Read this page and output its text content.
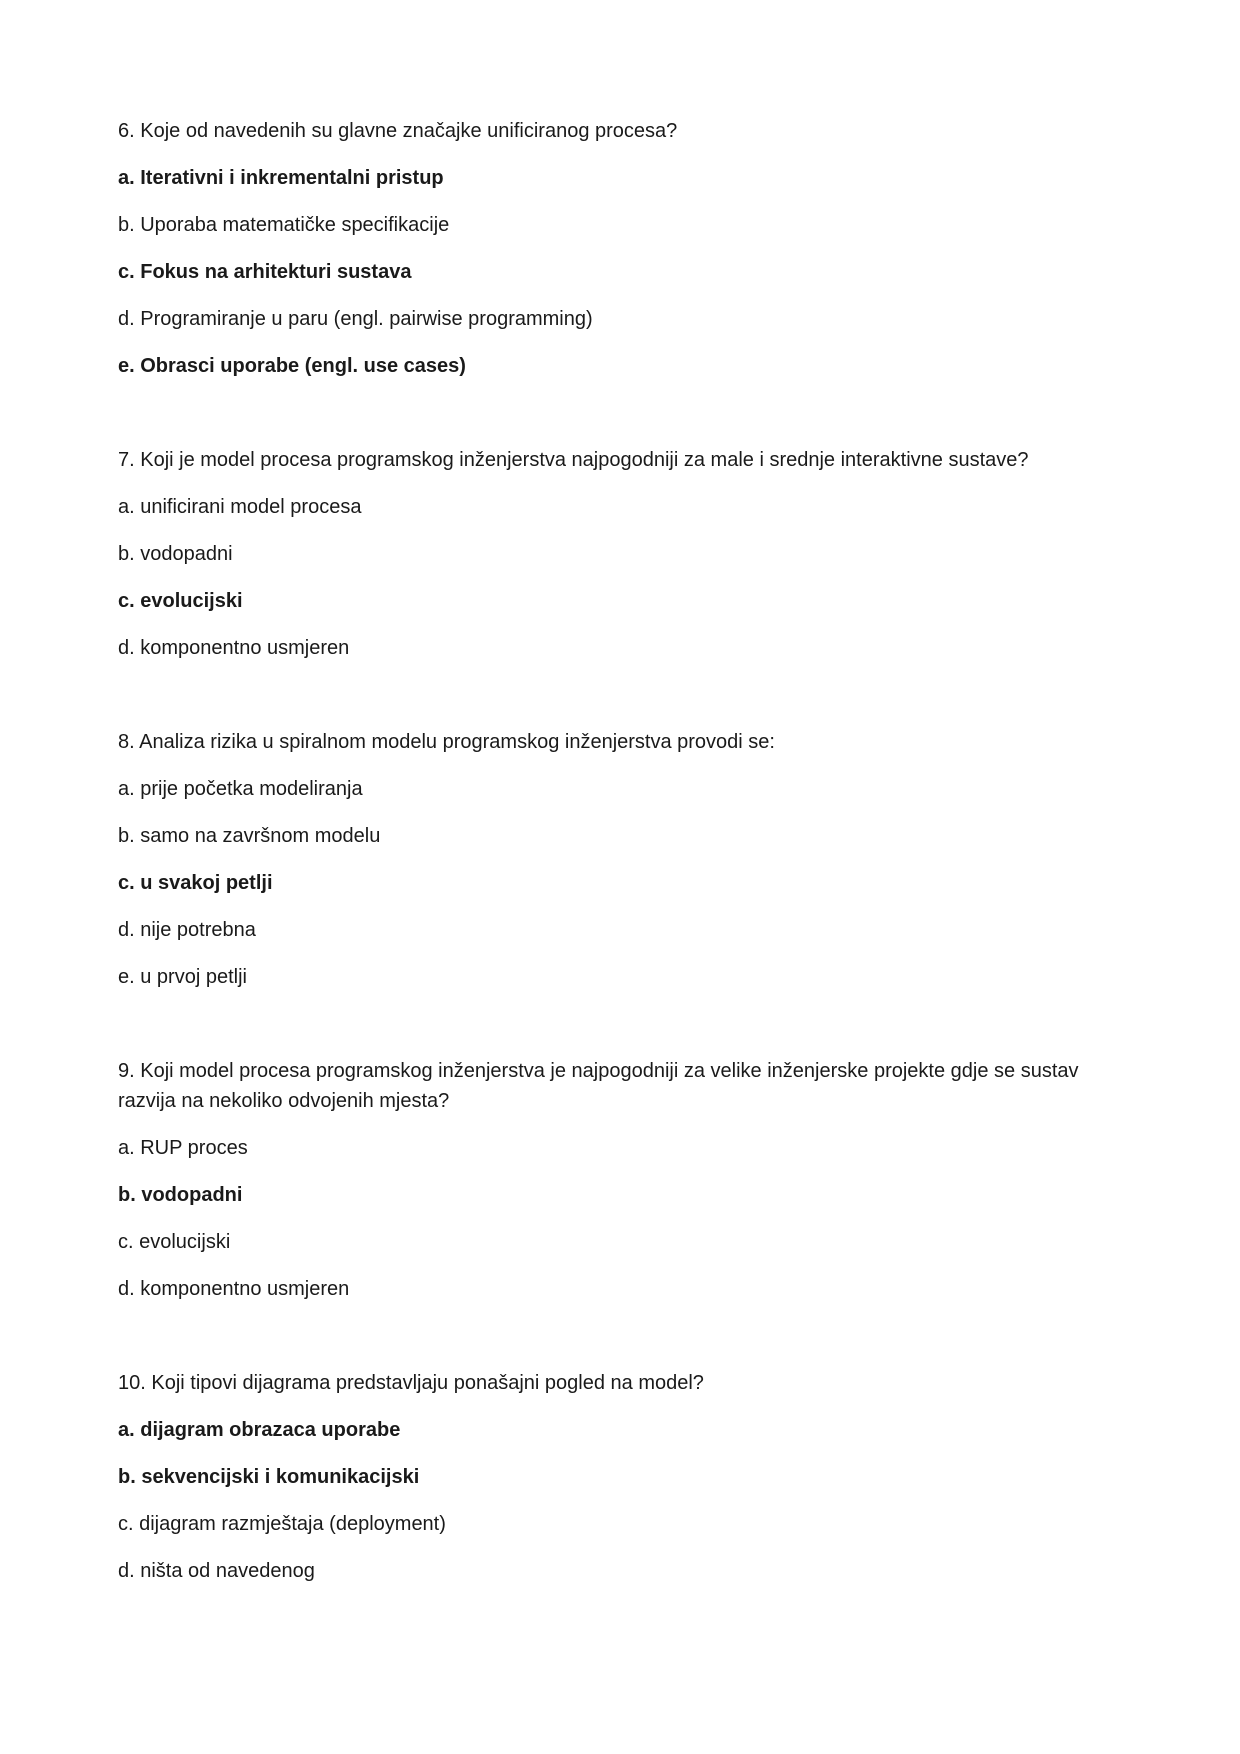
6. Koje od navedenih su glavne značajke unificiranog procesa?
a. Iterativni i inkrementalni pristup
b. Uporaba matematičke specifikacije
c. Fokus na arhitekturi sustava
d. Programiranje u paru (engl. pairwise programming)
e. Obrasci uporabe (engl. use cases)
7. Koji je model procesa programskog inženjerstva najpogodniji za male i srednje interaktivne sustave?
a. unificirani model procesa
b. vodopadni
c. evolucijski
d. komponentno usmjeren
8. Analiza rizika u spiralnom modelu programskog inženjerstva provodi se:
a. prije početka modeliranja
b. samo na završnom modelu
c. u svakoj petlji
d. nije potrebna
e. u prvoj petlji
9. Koji model procesa programskog inženjerstva je najpogodniji za velike inženjerske projekte gdje se sustav razvija na nekoliko odvojenih mjesta?
a. RUP proces
b. vodopadni
c. evolucijski
d. komponentno usmjeren
10. Koji tipovi dijagrama predstavljaju ponašajni pogled na model?
a. dijagram obrazaca uporabe
b. sekvencijski i komunikacijski
c. dijagram razmještaja (deployment)
d. ništa od navedenog
